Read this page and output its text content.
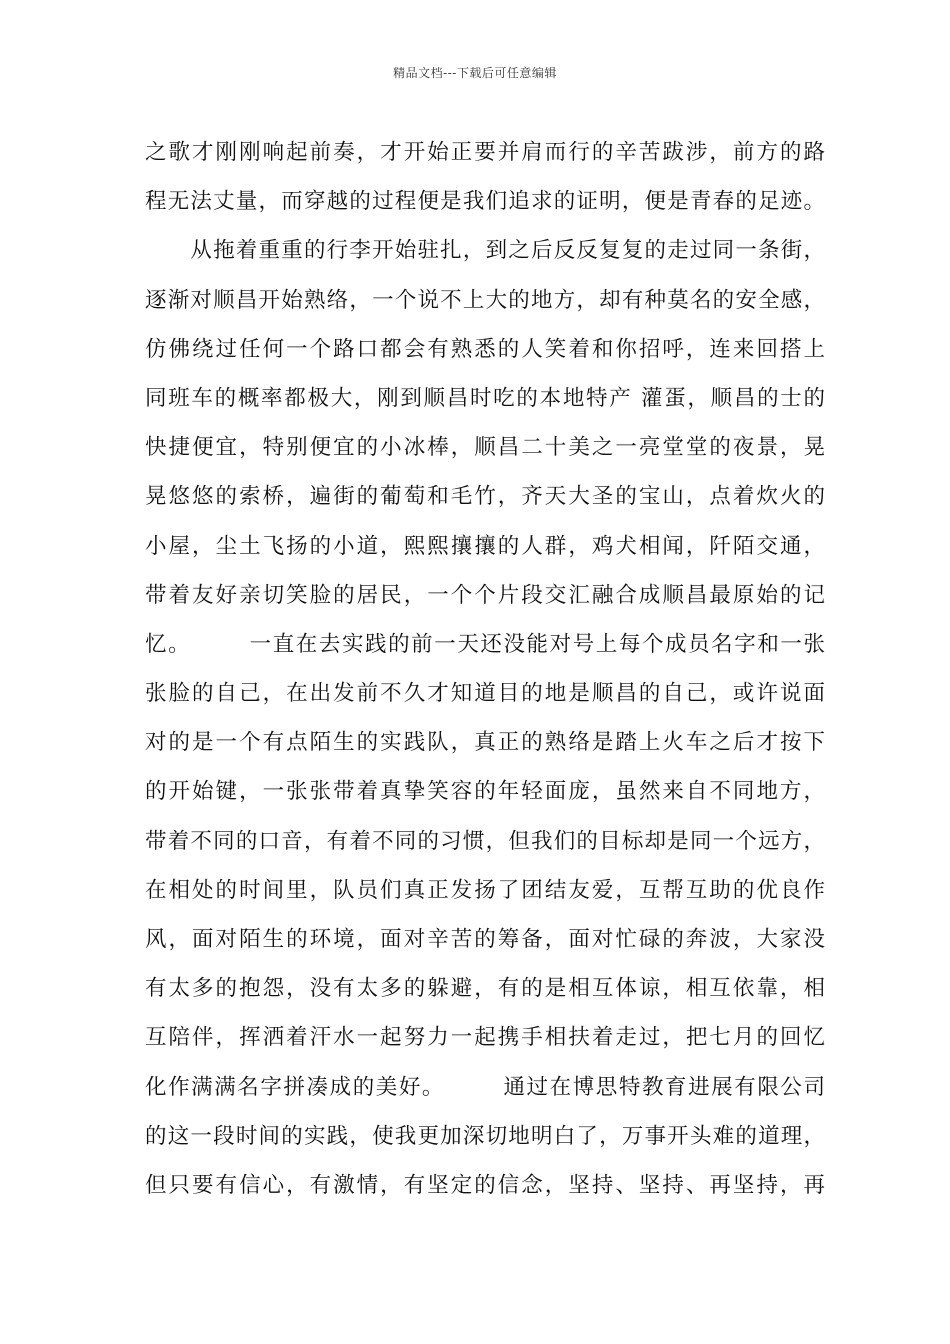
精品文档---下载后可任意编辑
之歌才刚刚响起前奏，才开始正要并肩而行的辛苦跋涉，前方的路
程无法丈量，而穿越的过程便是我们追求的证明，便是青春的足迹。
　　从拖着重重的行李开始驻扎，到之后反反复复的走过同一条街，
逐渐对顺昌开始熟络，一个说不上大的地方，却有种莫名的安全感，
仿佛绕过任何一个路口都会有熟悉的人笑着和你招呼，连来回搭上
同班车的概率都极大，刚到顺昌时吃的本地特产 灌蛋，顺昌的士的
快捷便宜，特别便宜的小冰棒，顺昌二十美之一亮堂堂的夜景，晃
晃悠悠的索桥，遍街的葡萄和毛竹，齐天大圣的宝山，点着炊火的
小屋，尘土飞扬的小道，熙熙攘攘的人群，鸡犬相闻，阡陌交通，
带着友好亲切笑脸的居民，一个个片段交汇融合成顺昌最原始的记
忆。　　　一直在去实践的前一天还没能对号上每个成员名字和一张
张脸的自己，在出发前不久才知道目的地是顺昌的自己，或许说面
对的是一个有点陌生的实践队，真正的熟络是踏上火车之后才按下
的开始键，一张张带着真挚笑容的年轻面庞，虽然来自不同地方，
带着不同的口音，有着不同的习惯，但我们的目标却是同一个远方，
在相处的时间里，队员们真正发扬了团结友爱，互帮互助的优良作
风，面对陌生的环境，面对辛苦的筹备，面对忙碌的奔波，大家没
有太多的抱怨，没有太多的躲避，有的是相互体谅，相互依靠，相
互陪伴，挥洒着汗水一起努力一起携手相扶着走过，把七月的回忆
化作满满名字拼凑成的美好。　　　通过在博思特教育进展有限公司
的这一段时间的实践，使我更加深切地明白了，万事开头难的道理，
但只要有信心，有激情，有坚定的信念，坚持、坚持、再坚持，再
